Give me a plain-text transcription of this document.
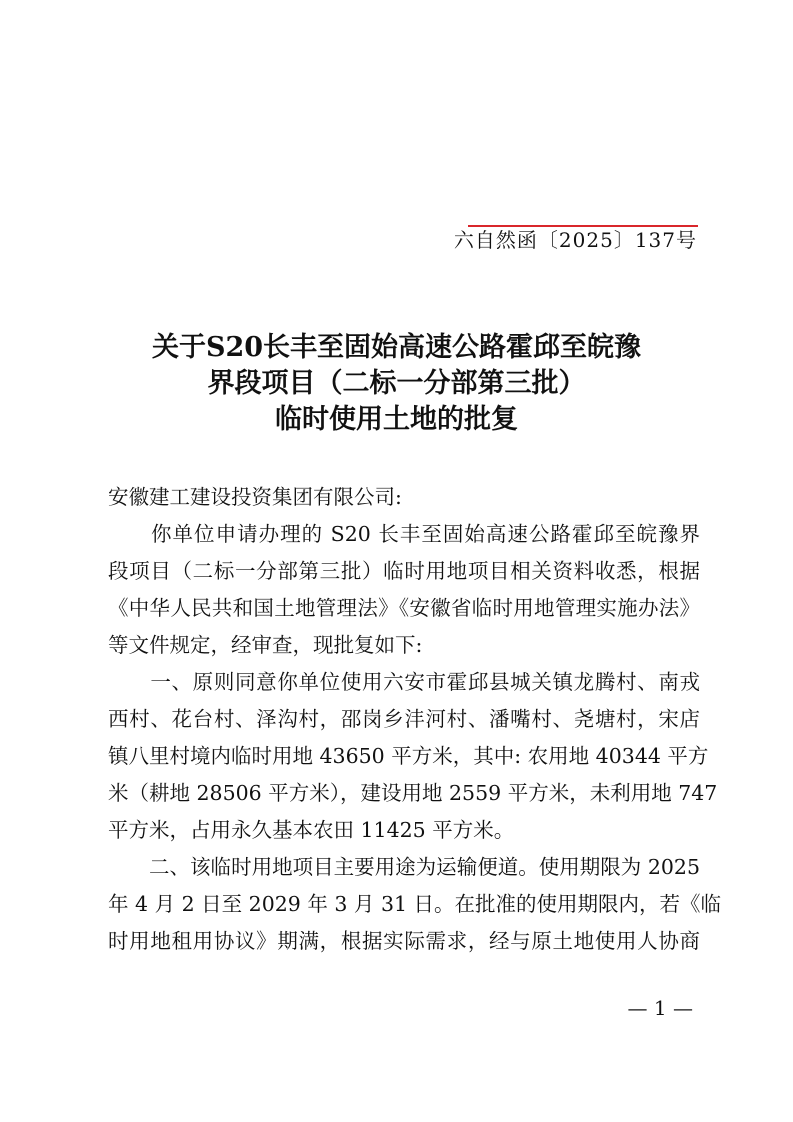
六自然函〔2025〕137号
关于S20长丰至固始高速公路霍邱至皖豫
界段项目（二标一分部第三批）
临时使用土地的批复
安徽建工建设投资集团有限公司:
　　你单位申请办理的 S20 长丰至固始高速公路霍邱至皖豫界
段项目（二标一分部第三批）临时用地项目相关资料收悉，根据
《中华人民共和国土地管理法》《安徽省临时用地管理实施办法》
等文件规定，经审查，现批复如下:
　　一、原则同意你单位使用六安市霍邱县城关镇龙腾村、南戎
西村、花台村、泽沟村，邵岗乡沣河村、潘嘴村、尧塘村，宋店
镇八里村境内临时用地 43650 平方米，其中: 农用地 40344 平方
米（耕地 28506 平方米），建设用地 2559 平方米，未利用地 747
平方米，占用永久基本农田 11425 平方米。
　　二、该临时用地项目主要用途为运输便道。使用期限为 2025
年 4 月 2 日至 2029 年 3 月 31 日。在批准的使用期限内，若《临
时用地租用协议》期满，根据实际需求，经与原土地使用人协商
— 1 —
